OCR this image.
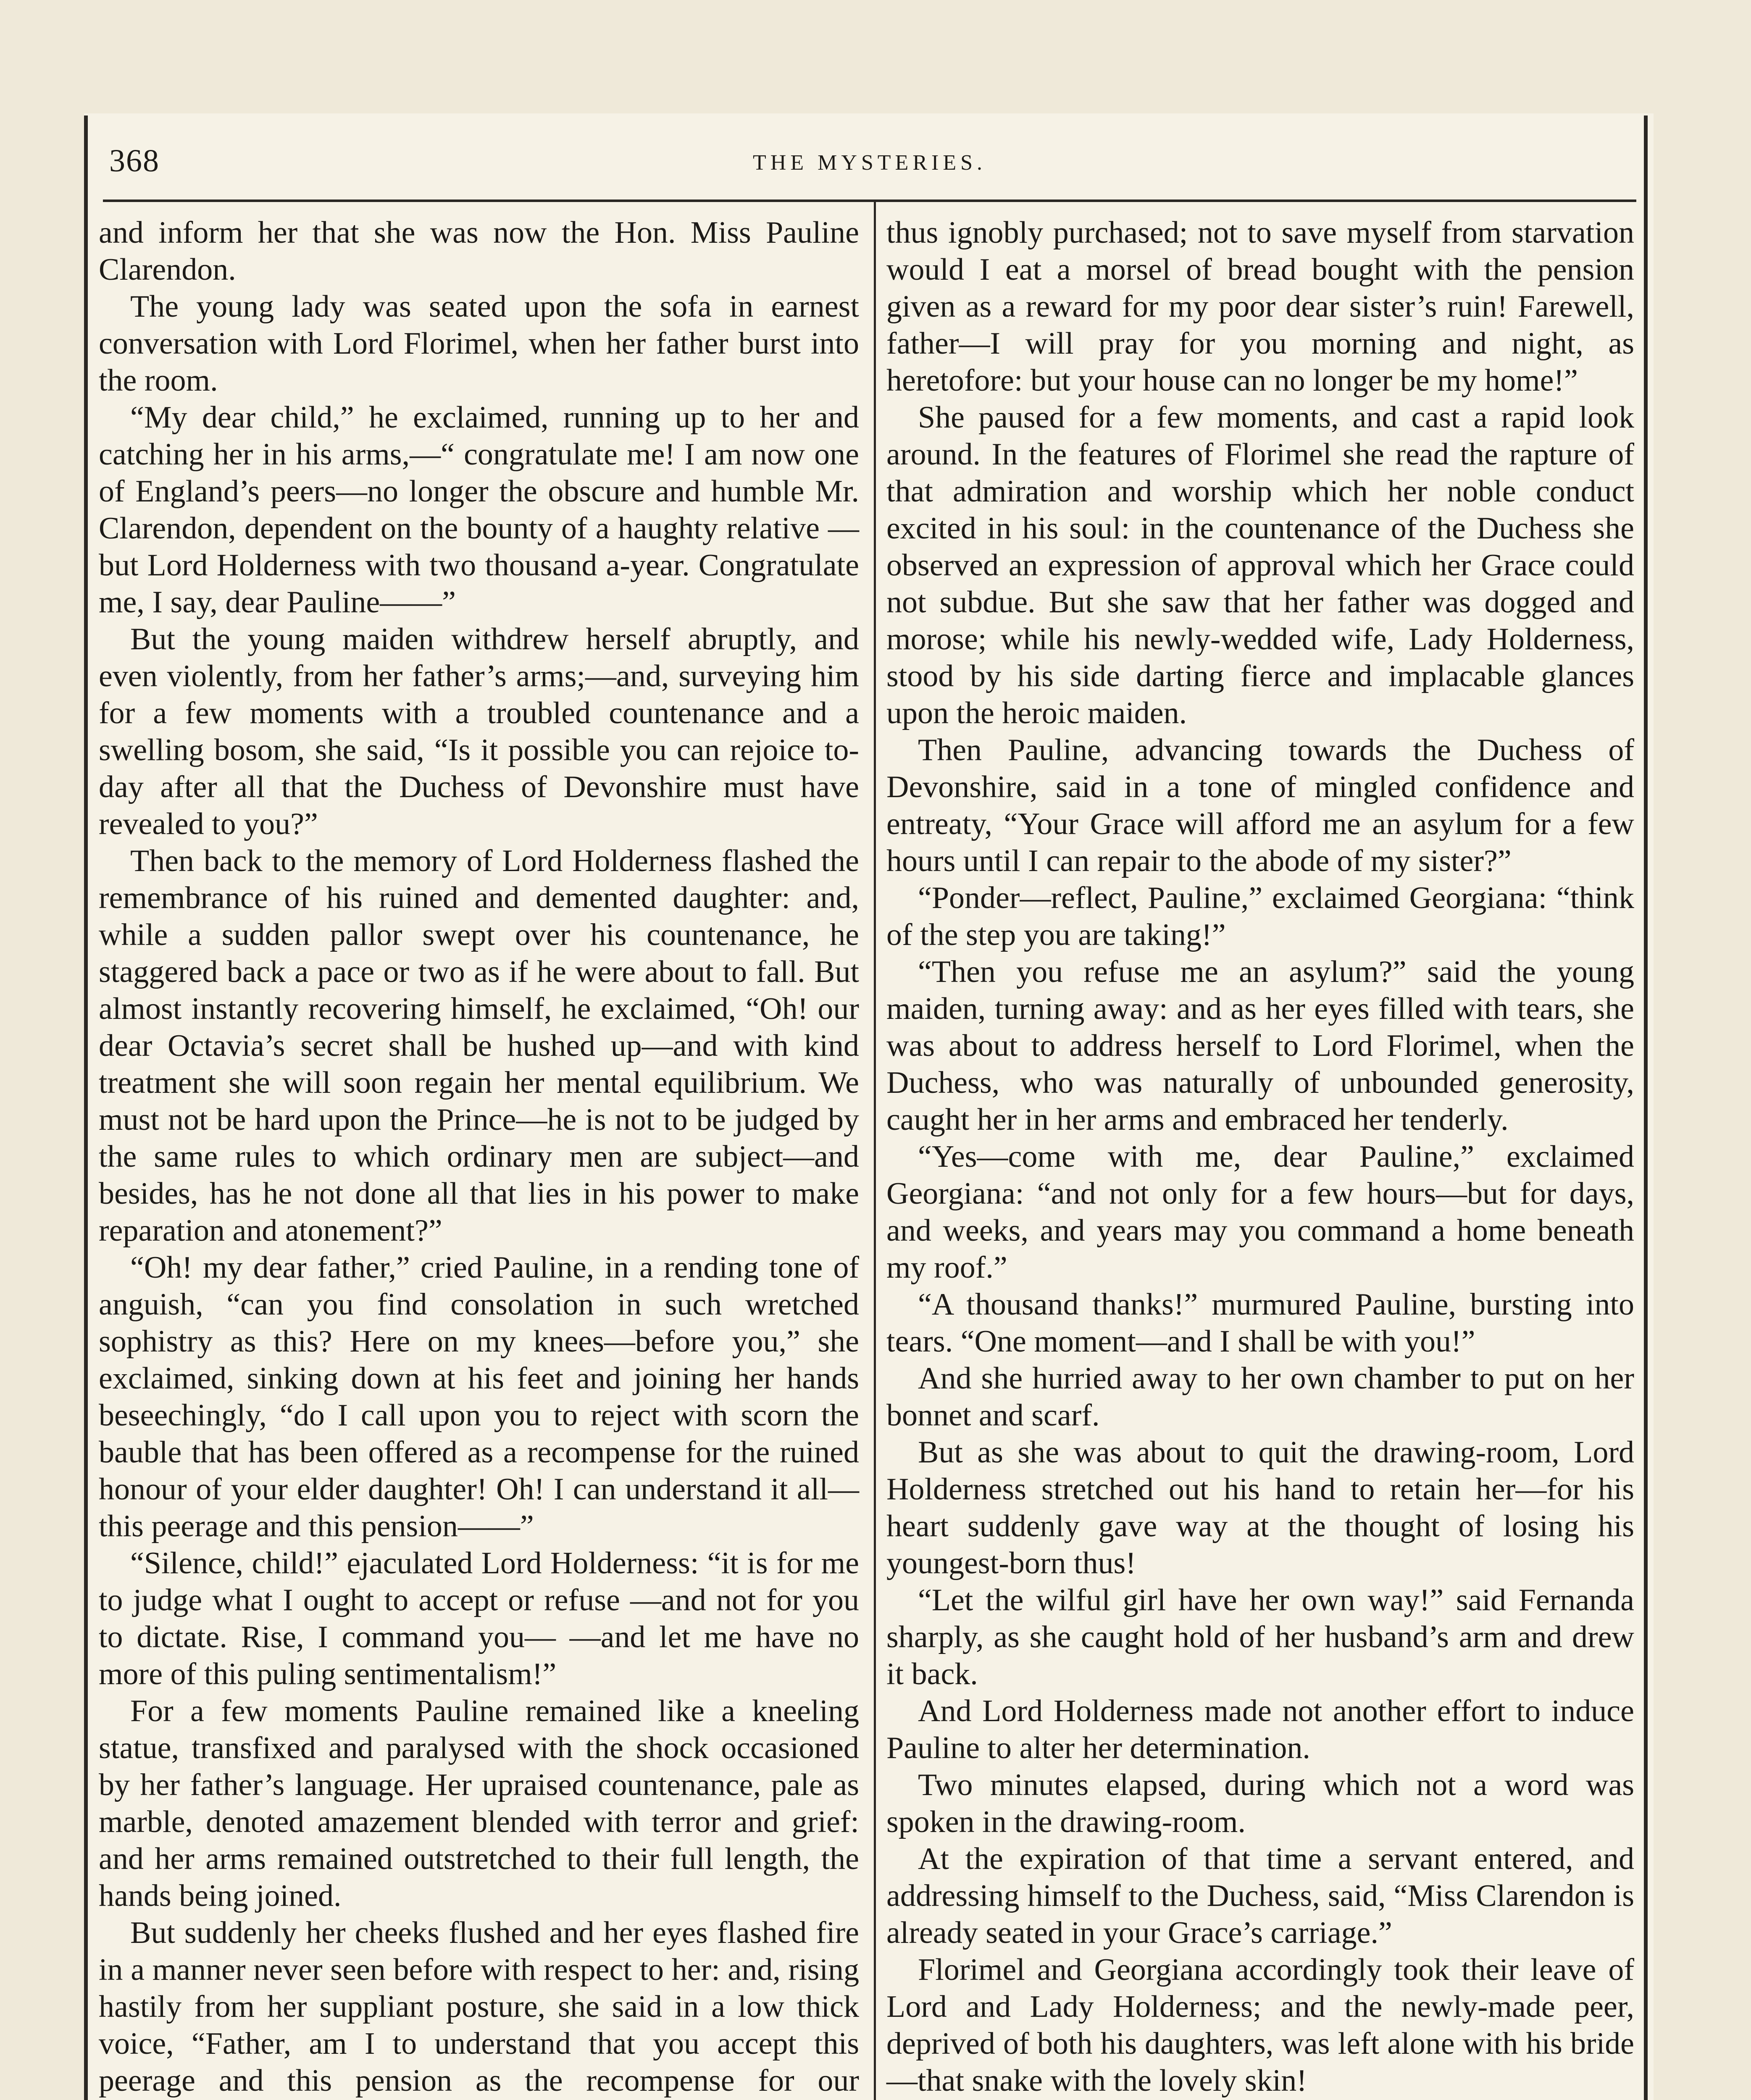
368	THE MYSTERIES.

and inform her that she was now the Hon. Miss Pauline Clarendon.

The young lady was seated upon the sofa in earnest conversation with Lord Florimel, when her father burst into the room.

“My dear child,” he exclaimed, running up to her and catching her in his arms,—“ congratulate me! I am now one of England’s peers—no longer the obscure and humble Mr. Clarendon, dependent on the bounty of a haughty relative — but Lord Holderness with two thousand a-year. Congratulate me, I say, dear Pauline——”

But the young maiden withdrew herself abruptly, and even violently, from her father’s arms;—and, surveying him for a few moments with a troubled countenance and a swelling bosom, she said, “Is it possible you can rejoice to-day after all that the Duchess of Devonshire must have revealed to you?”

Then back to the memory of Lord Holderness flashed the remembrance of his ruined and demented daughter: and, while a sudden pallor swept over his countenance, he staggered back a pace or two as if he were about to fall. But almost instantly recovering himself, he exclaimed, “Oh! our dear Octavia’s secret shall be hushed up—and with kind treatment she will soon regain her mental equilibrium. We must not be hard upon the Prince—he is not to be judged by the same rules to which ordinary men are subject—and besides, has he not done all that lies in his power to make reparation and atonement?”

“Oh! my dear father,” cried Pauline, in a rending tone of anguish, “can you find consolation in such wretched sophistry as this? Here on my knees—before you,” she exclaimed, sinking down at his feet and joining her hands beseechingly, “do I call upon you to reject with scorn the bauble that has been offered as a recompense for the ruined honour of your elder daughter! Oh! I can understand it all—this peerage and this pension——”

“Silence, child!” ejaculated Lord Holderness: “it is for me to judge what I ought to accept or refuse —and not for you to dictate. Rise, I command you— —and let me have no more of this puling sentimentalism!”

For a few moments Pauline remained like a kneeling statue, transfixed and paralysed with the shock occasioned by her father’s language. Her upraised countenance, pale as marble, denoted amazement blended with terror and grief: and her arms remained outstretched to their full length, the hands being joined.

But suddenly her cheeks flushed and her eyes flashed fire in a manner never seen before with respect to her: and, rising hastily from her suppliant posture, she said in a low thick voice, “Father, am I to understand that you accept this peerage and this pension as the recompense for our

thus ignobly purchased; not to save myself from starvation would I eat a morsel of bread bought with the pension given as a reward for my poor dear sister’s ruin! Farewell, father—I will pray for you morning and night, as heretofore: but your house can no longer be my home!”

She paused for a few moments, and cast a rapid look around. In the features of Florimel she read the rapture of that admiration and worship which her noble conduct excited in his soul: in the countenance of the Duchess she observed an expression of approval which her Grace could not subdue. But she saw that her father was dogged and morose; while his newly-wedded wife, Lady Holderness, stood by his side darting fierce and implacable glances upon the heroic maiden.

Then Pauline, advancing towards the Duchess of Devonshire, said in a tone of mingled confidence and entreaty, “Your Grace will afford me an asylum for a few hours until I can repair to the abode of my sister?”

“Ponder—reflect, Pauline,” exclaimed Georgiana: “think of the step you are taking!”

“Then you refuse me an asylum?” said the young maiden, turning away: and as her eyes filled with tears, she was about to address herself to Lord Florimel, when the Duchess, who was naturally of unbounded generosity, caught her in her arms and embraced her tenderly.

“Yes—come with me, dear Pauline,” exclaimed Georgiana: “and not only for a few hours—but for days, and weeks, and years may you command a home beneath my roof.”

“A thousand thanks!” murmured Pauline, bursting into tears. “One moment—and I shall be with you!”

And she hurried away to her own chamber to put on her bonnet and scarf.

But as she was about to quit the drawing-room, Lord Holderness stretched out his hand to retain her—for his heart suddenly gave way at the thought of losing his youngest-born thus!

“Let the wilful girl have her own way!” said Fernanda sharply, as she caught hold of her husband’s arm and drew it back.

And Lord Holderness made not another effort to induce Pauline to alter her determination.

Two minutes elapsed, during which not a word was spoken in the drawing-room.

At the expiration of that time a servant entered, and addressing himself to the Duchess, said, “Miss Clarendon is already seated in your Grace’s carriage.”

Florimel and Georgiana accordingly took their leave of Lord and Lady Holderness; and the newly-made peer, deprived of both his daughters, was left alone with his bride—that snake with the lovely skin!
